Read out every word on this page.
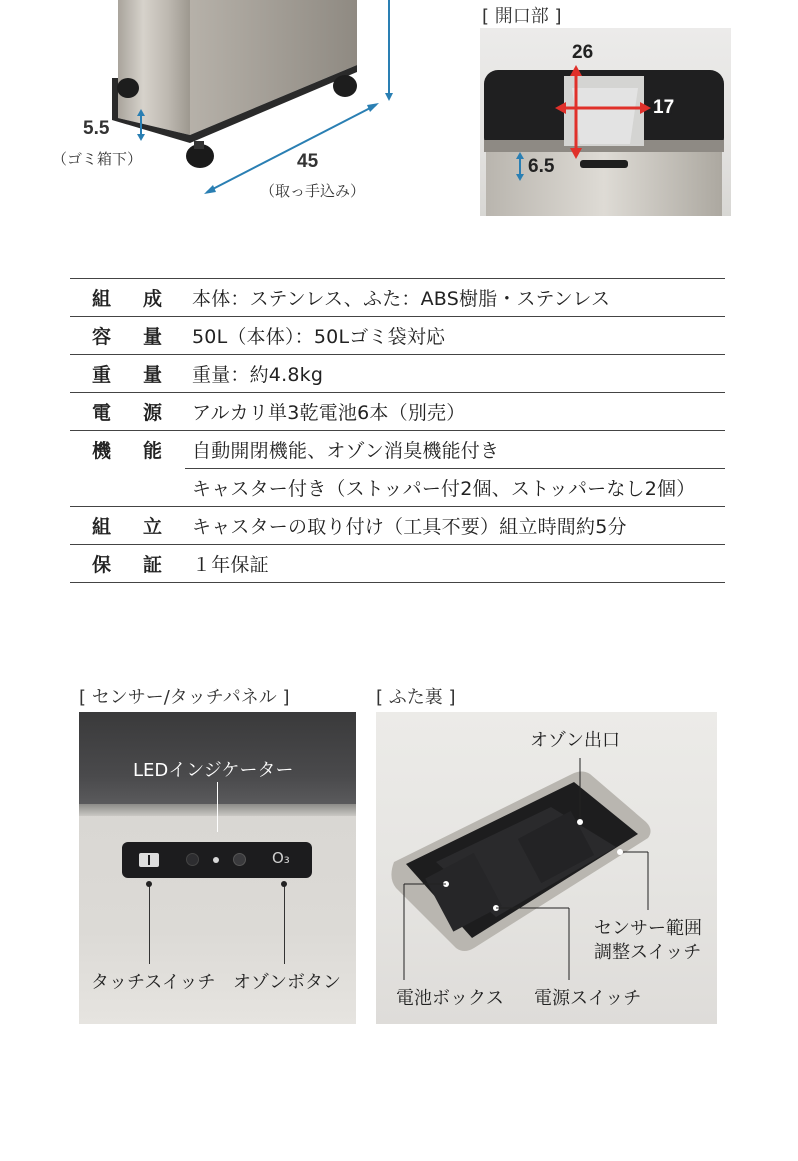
5.5
（ゴミ箱下）	45
（取っ手込み）
[ 開口部 ]
26
17
6.5
組 成 本体：ステンレス、ふた：ABS樹脂・ステンレス
容 量 50L（本体）：50Lゴミ袋対応
重 量 重量：約4.8kg
電 源 アルカリ単3乾電池6本（別売）
機 能 自動開閉機能、オゾン消臭機能付き
キャスター付き（ストッパー付2個、ストッパーなし2個）
組 立 キャスターの取り付け（工具不要）組立時間約5分
保 証 １年保証
[ センサー/タッチパネル ]
LEDインジケーター
O₃
タッチスイッチ オゾンボタン
[ ふた裏 ]
オゾン出口
センサー範囲
調整スイッチ
電池ボックス 電源スイッチ
